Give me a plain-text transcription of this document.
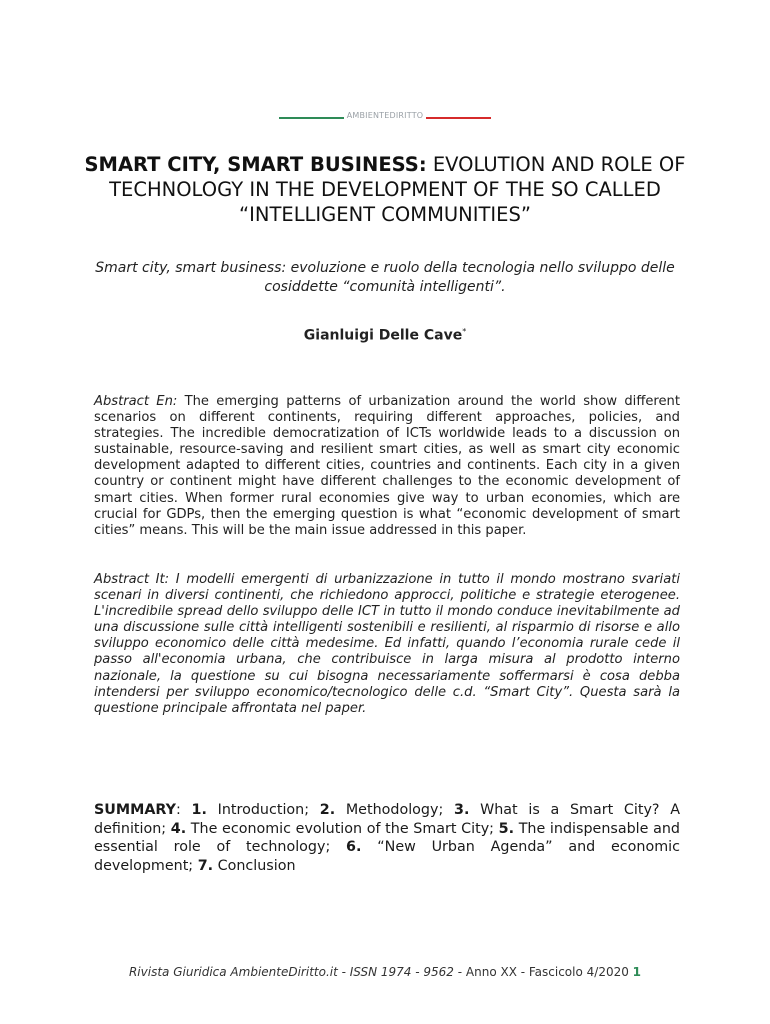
AMBIENTEDIRITTO
SMART CITY, SMART BUSINESS: EVOLUTION AND ROLE OF TECHNOLOGY IN THE DEVELOPMENT OF THE SO CALLED “INTELLIGENT COMMUNITIES”
Smart city, smart business: evoluzione e ruolo della tecnologia nello sviluppo delle cosiddette “comunità intelligenti”.
Gianluigi Delle Cave*

Abstract En: The emerging patterns of urbanization around the world show different scenarios on different continents, requiring different approaches, policies, and strategies. The incredible democratization of ICTs worldwide leads to a discussion on sustainable, resource-saving and resilient smart cities, as well as smart city economic development adapted to different cities, countries and continents. Each city in a given country or continent might have different challenges to the economic development of smart cities. When former rural economies give way to urban economies, which are crucial for GDPs, then the emerging question is what “economic development of smart cities” means. This will be the main issue addressed in this paper.

Abstract It: I modelli emergenti di urbanizzazione in tutto il mondo mostrano svariati scenari in diversi continenti, che richiedono approcci, politiche e strategie eterogenee. L'incredibile spread dello sviluppo delle ICT in tutto il mondo conduce inevitabilmente ad una discussione sulle città intelligenti sostenibili e resilienti, al risparmio di risorse e allo sviluppo economico delle città medesime. Ed infatti, quando l’economia rurale cede il passo all'economia urbana, che contribuisce in larga misura al prodotto interno nazionale, la questione su cui bisogna necessariamente soffermarsi è cosa debba intendersi per sviluppo economico/tecnologico delle c.d. “Smart City”. Questa sarà la questione principale affrontata nel paper.

SUMMARY: 1. Introduction; 2. Methodology; 3. What is a Smart City? A definition; 4. The economic evolution of the Smart City; 5. The indispensable and essential role of technology; 6. “New Urban Agenda” and economic development; 7. Conclusion

Rivista Giuridica AmbienteDiritto.it - ISSN 1974 - 9562 - Anno XX - Fascicolo 4/2020 1
